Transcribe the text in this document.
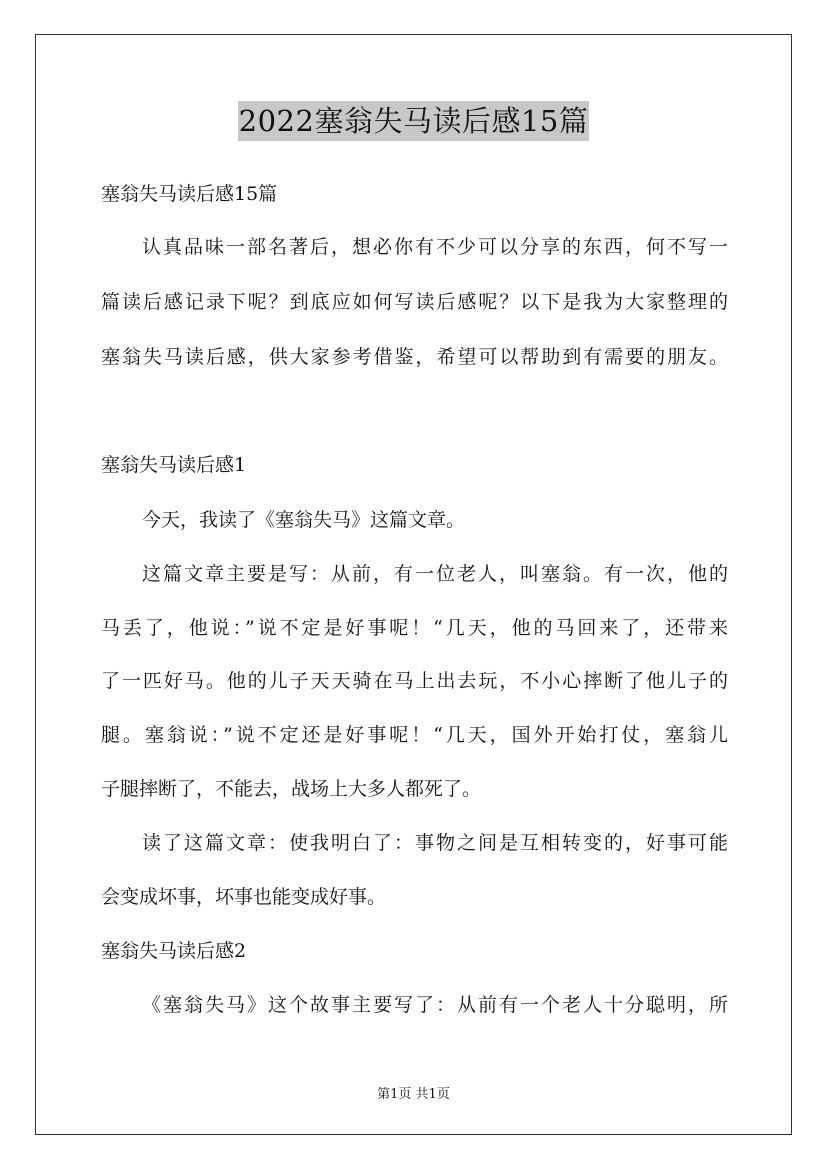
2022塞翁失马读后感15篇
塞翁失马读后感15篇
认真品味一部名著后，想必你有不少可以分享的东西，何不写一
篇读后感记录下呢？到底应如何写读后感呢？以下是我为大家整理的
塞翁失马读后感，供大家参考借鉴，希望可以帮助到有需要的朋友。
塞翁失马读后感1
今天，我读了《塞翁失马》这篇文章。
这篇文章主要是写：从前，有一位老人，叫塞翁。有一次，他的
马丢了，他说：”说不定是好事呢！“几天，他的马回来了，还带来
了一匹好马。他的儿子天天骑在马上出去玩，不小心摔断了他儿子的
腿。塞翁说：”说不定还是好事呢！“几天，国外开始打仗，塞翁儿
子腿摔断了，不能去，战场上大多人都死了。
读了这篇文章：使我明白了：事物之间是互相转变的，好事可能
会变成坏事，坏事也能变成好事。
塞翁失马读后感2
《塞翁失马》这个故事主要写了：从前有一个老人十分聪明，所
第1页 共1页
